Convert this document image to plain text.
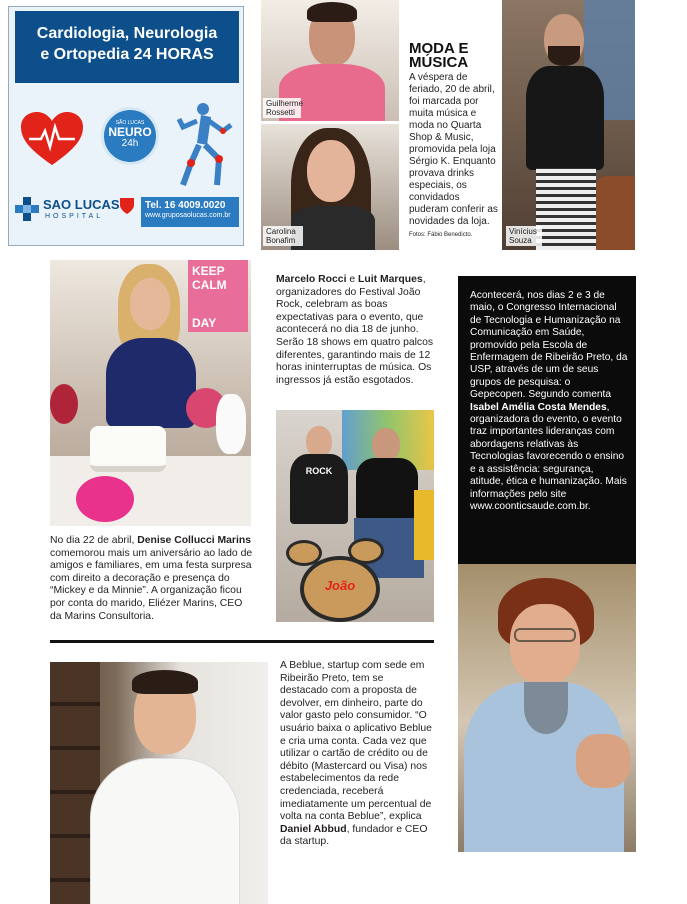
Cardiologia, Neurologia
e Ortopedia 24 HORAS
SÃO LUCAS
NEURO
24h
SAO LUCAS
HOSPITAL
Tel. 16 4009.0020
www.gruposaolucas.com.br
Guilherme Rossetti
Carolina Bonafim
MODA E
MÚSICA

A véspera de feriado, 20 de abril, foi marcada por muita música e moda no Quarta Shop & Music, promovida pela loja Sérgio K. Enquanto provava drinks especiais, os convidados puderam conferir as novidades da loja. Fotos: Fábio Benedicto.	Vinícius Souza
KEEP CALM
DAY

No dia 22 de abril, Denise Collucci Marins comemorou mais um aniversário ao lado de amigos e familiares, em uma festa surpresa com direito a decoração e presença do “Mickey e da Minnie”. A organização ficou por conta do marido, Eliézer Marins, CEO da Marins Consultoria.

Marcelo Rocci e Luit Marques, organizadores do Festival João Rock, celebram as boas expectativas para o evento, que acontecerá no dia 18 de junho. Serão 18 shows em quatro palcos diferentes, garantindo mais de 12 horas ininterruptas de música. Os ingressos já estão esgotados.

ROCK
João

Acontecerá, nos dias 2 e 3 de maio, o Congresso Internacional de Tecnologia e Humanização na Comunicação em Saúde, promovido pela Escola de Enfermagem de Ribeirão Preto, da USP, através de um de seus grupos de pesquisa: o Gepecopen. Segundo comenta Isabel Amélia Costa Mendes, organizadora do evento, o evento traz importantes lideranças com abordagens relativas às Tecnologias favorecendo o ensino e a assistência: segurança, atitude, ética e humanização. Mais informações pelo site www.coonticsaude.com.br.

A Beblue, startup com sede em Ribeirão Preto, tem se destacado com a proposta de devolver, em dinheiro, parte do valor gasto pelo consumidor. “O usuário baixa o aplicativo Beblue e cria uma conta. Cada vez que utilizar o cartão de crédito ou de débito (Mastercard ou Visa) nos estabelecimentos da rede credenciada, receberá imediatamente um percentual de volta na conta Beblue”, explica Daniel Abbud, fundador e CEO da startup.
